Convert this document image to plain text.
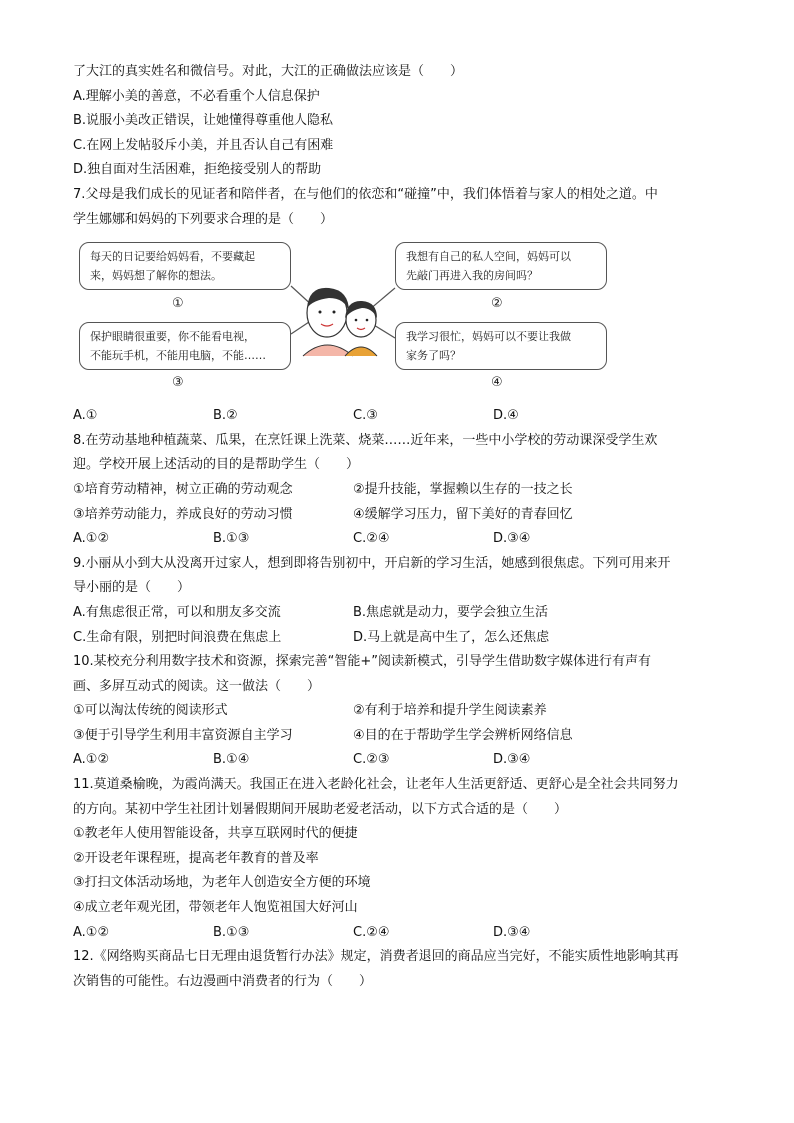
了大江的真实姓名和微信号。对此，大江的正确做法应该是（　　）
A.理解小美的善意，不必看重个人信息保护
B.说服小美改正错误，让她懂得尊重他人隐私
C.在网上发帖驳斥小美，并且否认自己有困难
D.独自面对生活困难，拒绝接受别人的帮助
7.父母是我们成长的见证者和陪伴者，在与他们的依恋和“碰撞”中，我们体悟着与家人的相处之道。中
学生娜娜和妈妈的下列要求合理的是（　　）
每天的日记要给妈妈看，不要藏起
来，妈妈想了解你的想法。
①
我想有自己的私人空间，妈妈可以
先敲门再进入我的房间吗？
②
保护眼睛很重要，你不能看电视，
不能玩手机，不能用电脑，不能……
③
我学习很忙，妈妈可以不要让我做
家务了吗？
④
A.①	B.②	C.③	D.④
8.在劳动基地种植蔬菜、瓜果，在烹饪课上洗菜、烧菜……近年来，一些中小学校的劳动课深受学生欢
迎。学校开展上述活动的目的是帮助学生（　　）
①培育劳动精神，树立正确的劳动观念	②提升技能，掌握赖以生存的一技之长
③培养劳动能力，养成良好的劳动习惯	④缓解学习压力，留下美好的青春回忆
A.①②	B.①③	C.②④	D.③④
9.小丽从小到大从没离开过家人，想到即将告别初中，开启新的学习生活，她感到很焦虑。下列可用来开
导小丽的是（　　）
A.有焦虑很正常，可以和朋友多交流	B.焦虑就是动力，要学会独立生活
C.生命有限，别把时间浪费在焦虑上	D.马上就是高中生了，怎么还焦虑
10.某校充分利用数字技术和资源，探索完善“智能+”阅读新模式，引导学生借助数字媒体进行有声有
画、多屏互动式的阅读。这一做法（　　）
①可以淘汰传统的阅读形式	②有利于培养和提升学生阅读素养
③便于引导学生利用丰富资源自主学习	④目的在于帮助学生学会辨析网络信息
A.①②	B.①④	C.②③	D.③④
11.莫道桑榆晚，为霞尚满天。我国正在进入老龄化社会，让老年人生活更舒适、更舒心是全社会共同努力
的方向。某初中学生社团计划暑假期间开展助老爱老活动，以下方式合适的是（　　）
①教老年人使用智能设备，共享互联网时代的便捷
②开设老年课程班，提高老年教育的普及率
③打扫文体活动场地，为老年人创造安全方便的环境
④成立老年观光团，带领老年人饱览祖国大好河山
A.①②	B.①③	C.②④	D.③④
12.《网络购买商品七日无理由退货暂行办法》规定，消费者退回的商品应当完好，不能实质性地影响其再
次销售的可能性。右边漫画中消费者的行为（　　）
